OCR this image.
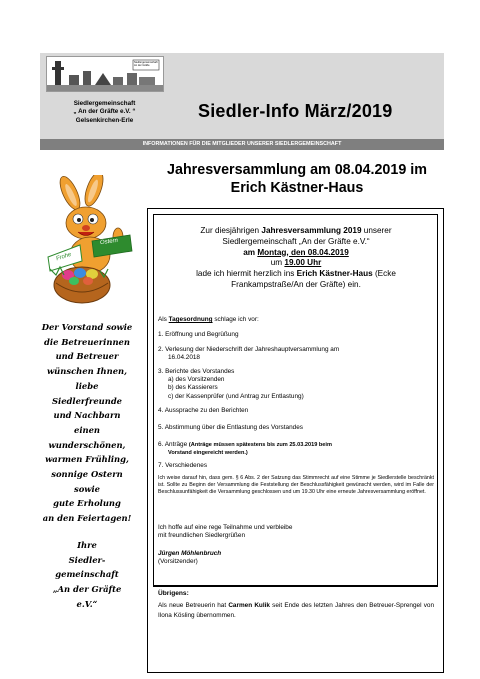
Siedlergemeinschaft An der Gräfte
Siedlergemeinschaft
„ An der Gräfte e.V. “
Gelsenkirchen-Erle	Siedler-Info März/2019
INFORMATIONEN FÜR DIE MITGLIEDER UNSERER SIEDLERGEMEINSCHAFT
Jahresversammlung am 08.04.2019 im
Erich Kästner-Haus
Frohe
Ostern
Der Vorstand sowie
die Betreuerinnen
und Betreuer
wünschen Ihnen,
liebe
Siedlerfreunde
und Nachbarn
einen
wunderschönen,
warmen Frühling,
sonnige Ostern
sowie
gute Erholung
an den Feiertagen!
Ihre
Siedler-
gemeinschaft
„An der Gräfte
e.V.“
Zur diesjährigen Jahresversammlung 2019 unserer
Siedlergemeinschaft „An der Gräfte e.V.“
am Montag, den 08.04.2019
um 19.00 Uhr
lade ich hiermit herzlich ins Erich Kästner-Haus (Ecke
Frankampstraße/An der Gräfte) ein.
Als Tagesordnung schlage ich vor:
1. Eröffnung und Begrüßung
2. Verlesung der Niederschrift der Jahreshauptversammlung am
16.04.2018
3. Berichte des Vorstandes
a) des Vorsitzenden
b) des Kassierers
c) der Kassenprüfer (und Antrag zur Entlastung)
4. Aussprache zu den Berichten
5. Abstimmung über die Entlastung des Vorstandes
6. Anträge (Anträge müssen spätestens bis zum 25.03.2019 beim
Vorstand eingereicht werden.)
7. Verschiedenes
Ich weise darauf hin, dass gem. § 6 Abs. 2 der Satzung das Stimmrecht auf eine Stimme je Siedlerstelle beschränkt ist. Sollte zu Beginn der Versammlung die Feststellung der Beschlussfähigkeit gewünscht werden, wird im Falle der Beschlussunfähigkeit die Versammlung geschlossen und um 19.30 Uhr eine erneute Jahresversammlung eröffnet.
Ich hoffe auf eine rege Teilnahme und verbleibe
mit freundlichen Siedlergrüßen
Jürgen Möhlenbruch
(Vorsitzender)
Übrigens:
Als neue Betreuerin hat Carmen Kulik seit Ende des letzten Jahres den Betreuer-Sprengel von Ilona Kösling übernommen.
